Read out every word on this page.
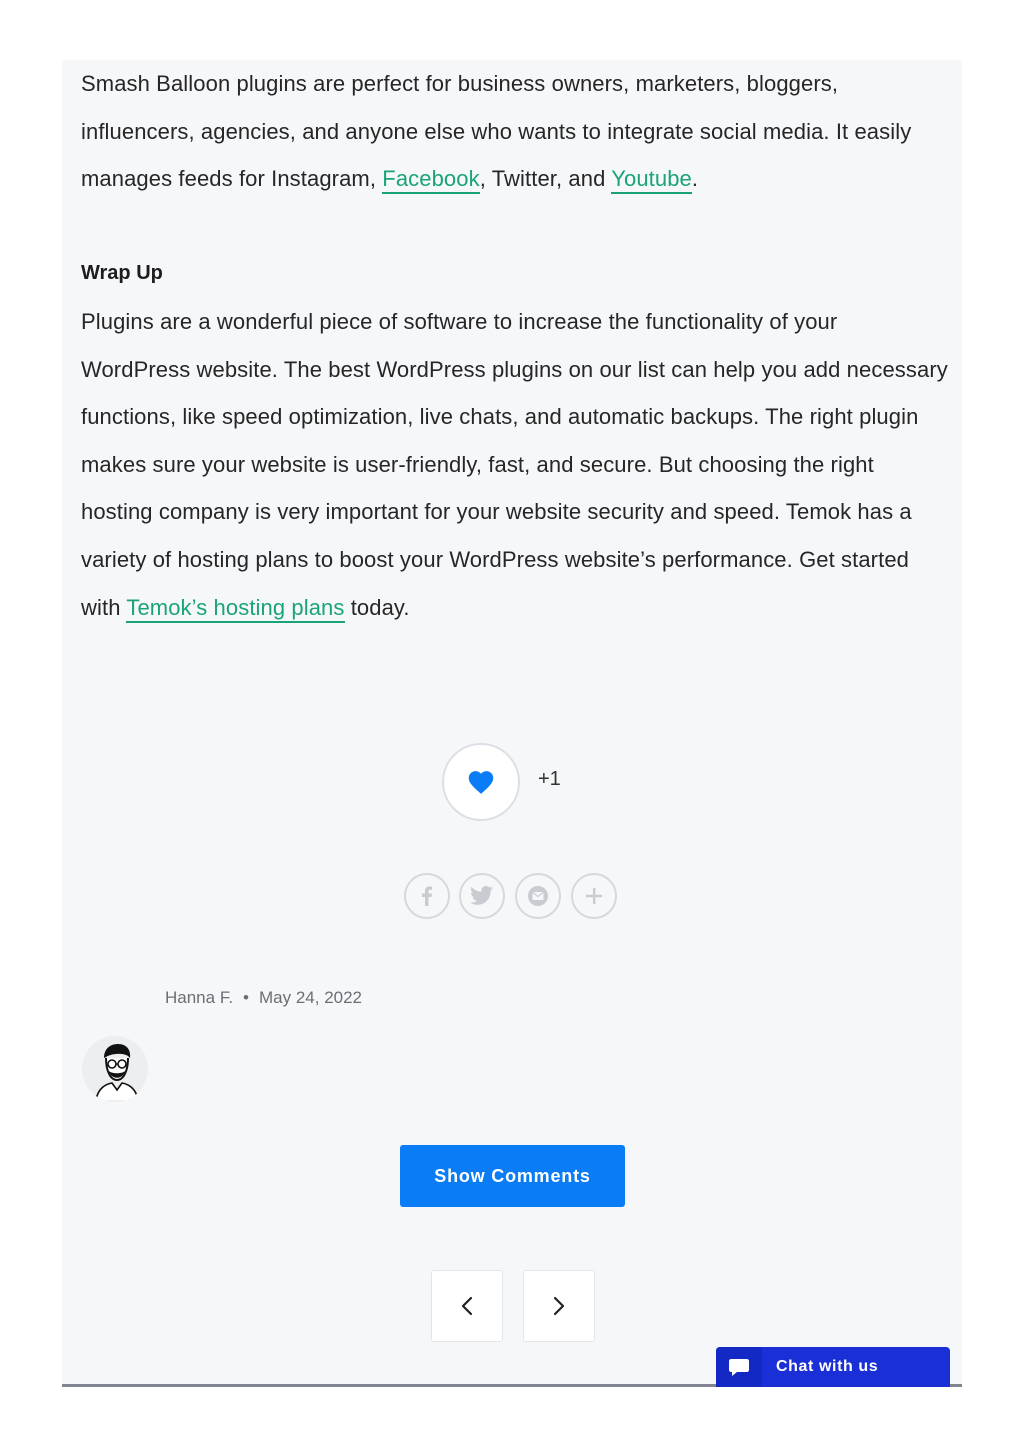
Smash Balloon plugins are perfect for business owners, marketers, bloggers, influencers, agencies, and anyone else who wants to integrate social media. It easily manages feeds for Instagram, Facebook, Twitter, and Youtube.

Wrap Up

Plugins are a wonderful piece of software to increase the functionality of your WordPress website. The best WordPress plugins on our list can help you add necessary functions, like speed optimization, live chats, and automatic backups. The right plugin makes sure your website is user-friendly, fast, and secure. But choosing the right hosting company is very important for your website security and speed. Temok has a variety of hosting plans to boost your WordPress website’s performance. Get started with Temok’s hosting plans today.

+1
Hanna F. • May 24, 2022
Show Comments
Chat with us
